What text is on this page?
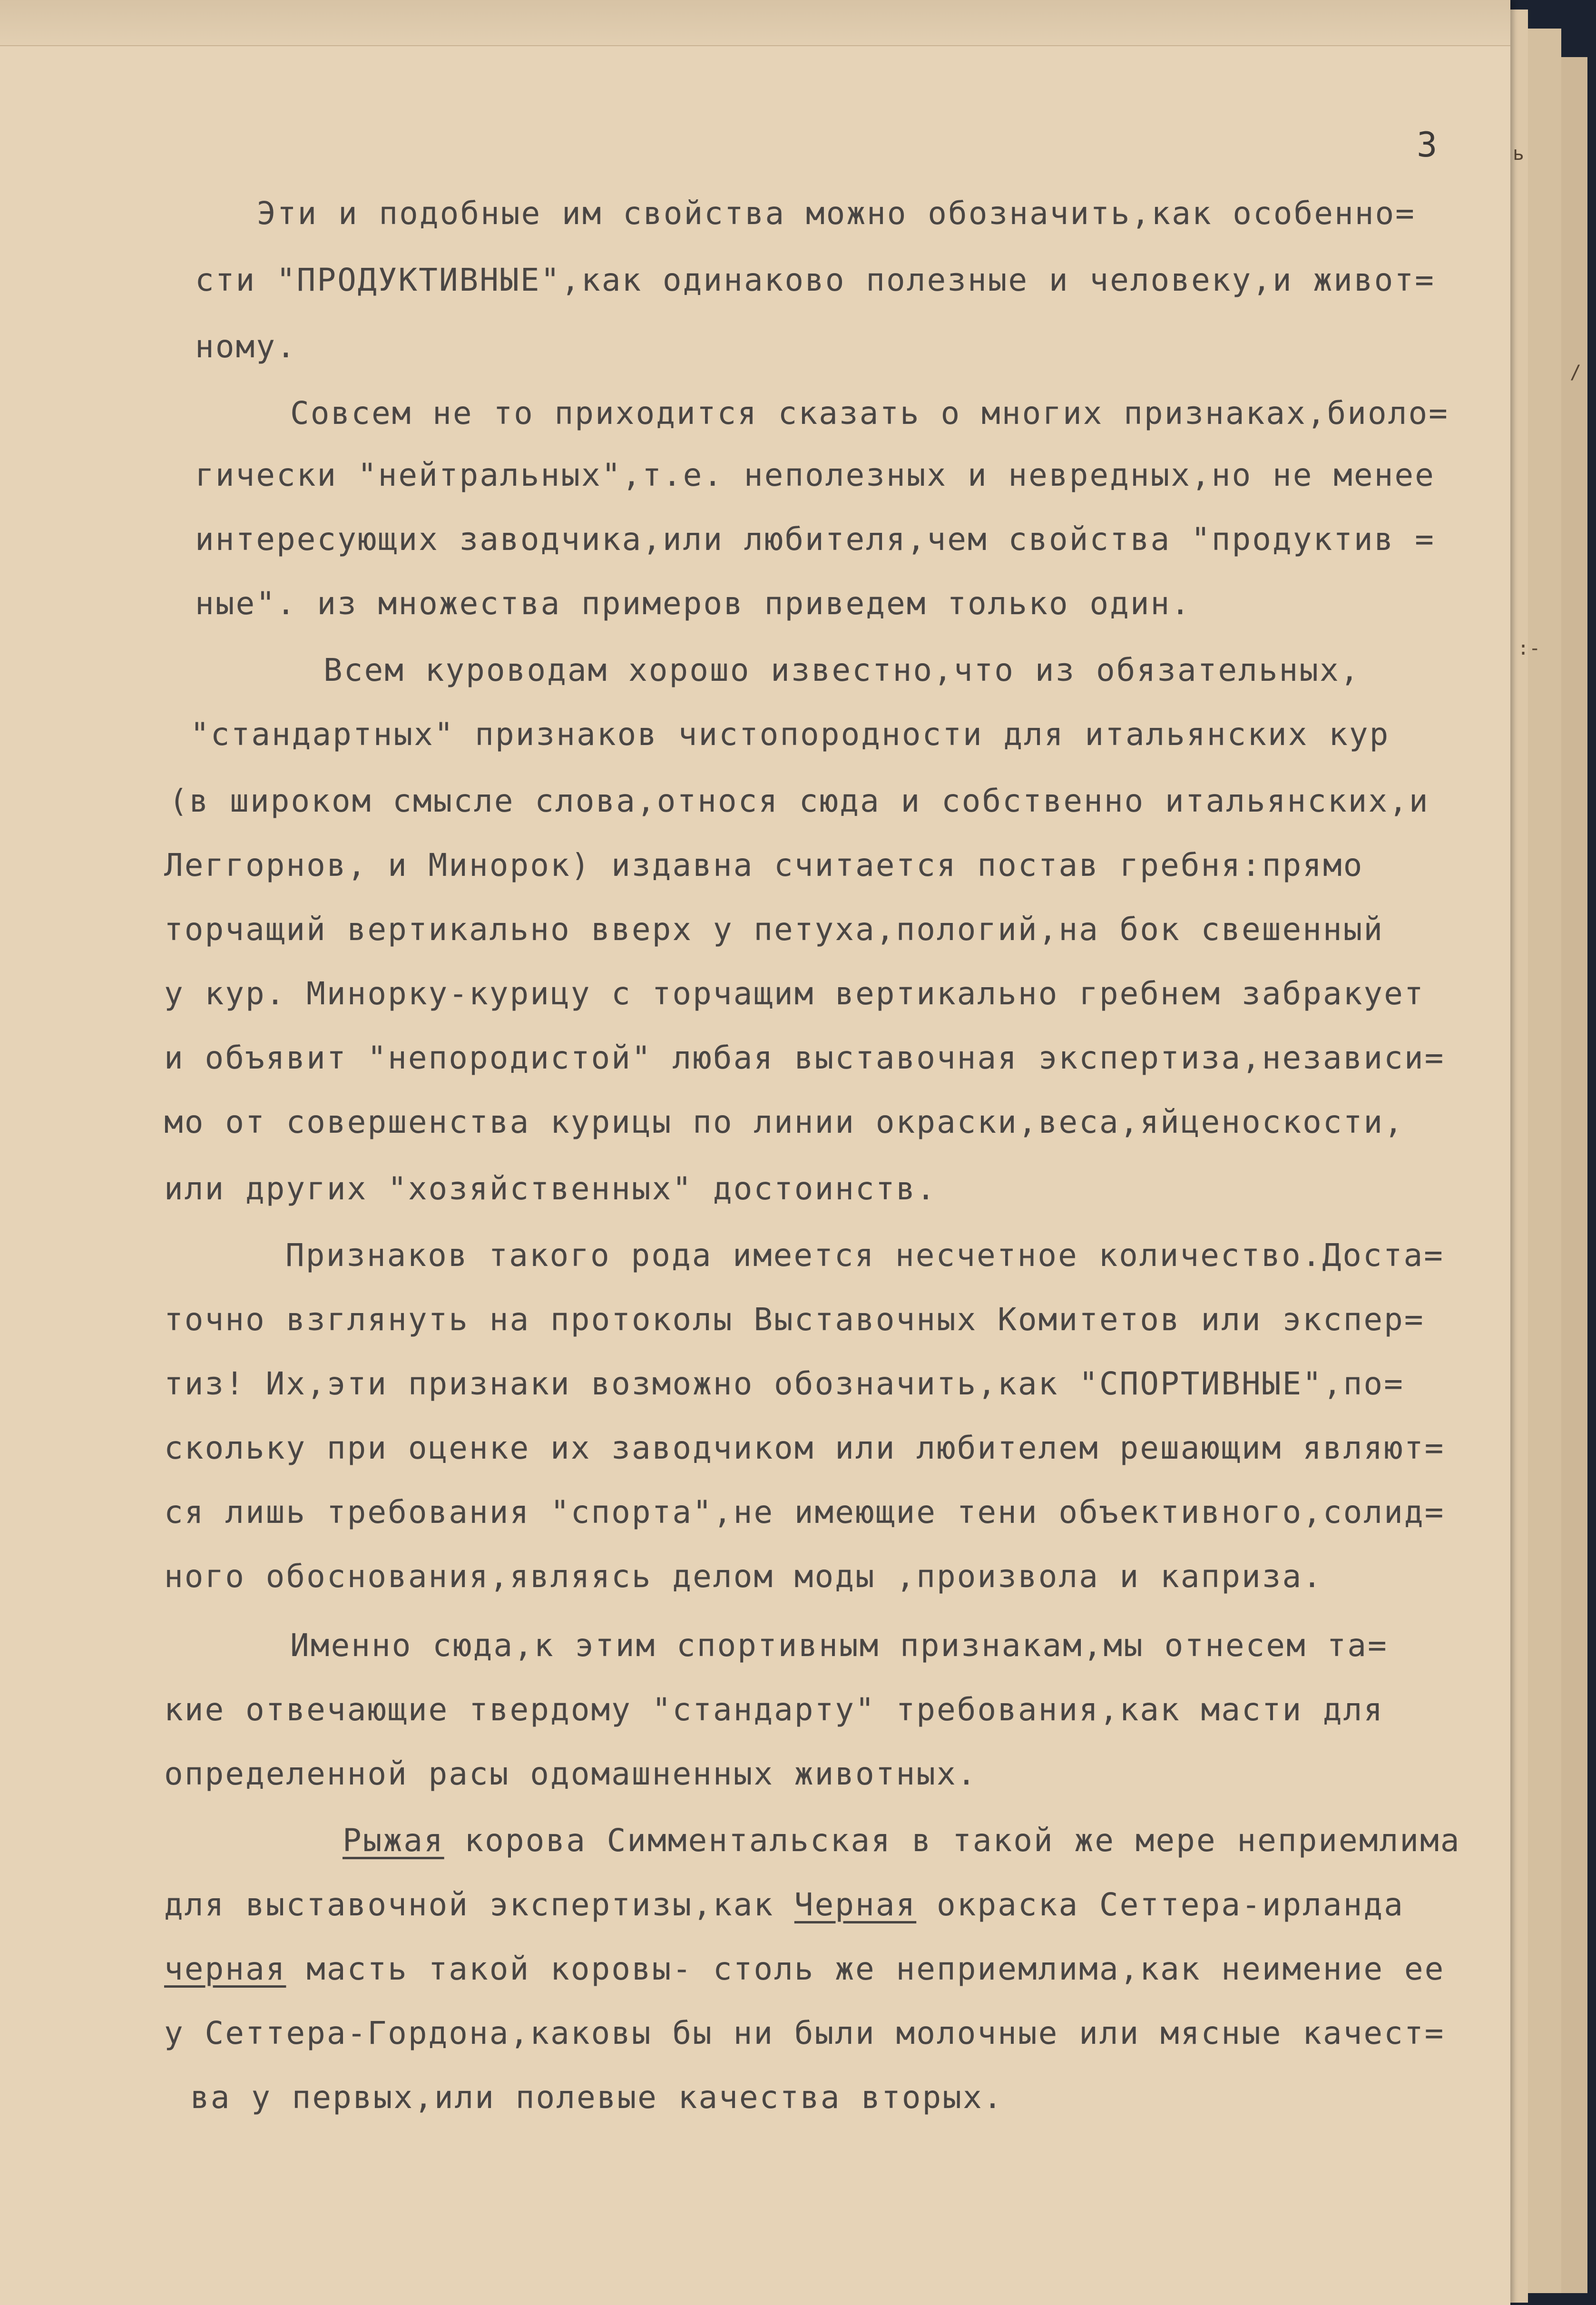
ь
/
:-
3
Эти и подобные им свойства можно обозначить,как особенно=
сти "ПРОДУКТИВНЫЕ",как одинаково полезные и человеку,и живот=
ному.
Совсем не то приходится сказать о многих признаках,биоло=
гически "нейтральных",т.е. неполезных и невредных,но не менее
интересующих заводчика,или любителя,чем свойства "продуктив =
ные". из множества примеров приведем только один.
Всем куроводам хорошо известно,что из обязательных,
"стандартных" признаков чистопородности для итальянских кур
(в широком смысле слова,относя сюда и собственно итальянских,и
Леггорнов, и Минорок) издавна считается постав гребня:прямо
торчащий вертикально вверх у петуха,пологий,на бок свешенный
у кур. Минорку-курицу с торчащим вертикально гребнем забракует
и объявит "непородистой" любая выставочная экспертиза,независи=
мо от совершенства курицы по линии окраски,веса,яйценоскости,
или других "хозяйственных" достоинств.
Признаков такого рода имеется несчетное количество.Доста=
точно взглянуть на протоколы Выставочных Комитетов или экспер=
тиз! Их,эти признаки возможно обозначить,как "СПОРТИВНЫЕ",по=
скольку при оценке их заводчиком или любителем решающим являют=
ся лишь требования "спорта",не имеющие тени объективного,солид=
ного обоснования,являясь делом моды ,произвола и каприза.
Именно сюда,к этим спортивным признакам,мы отнесем та=
кие отвечающие твердому "стандарту" требования,как масти для
определенной расы одомашненных животных.
Рыжая корова Симментальская в такой же мере неприемлима
для выставочной экспертизы,как Черная окраска Сеттера-ирланда
черная масть такой коровы- столь же неприемлима,как неимение ее
у Сеттера-Гордона,каковы бы ни были молочные или мясные качест=
ва у первых,или полевые качества вторых.
